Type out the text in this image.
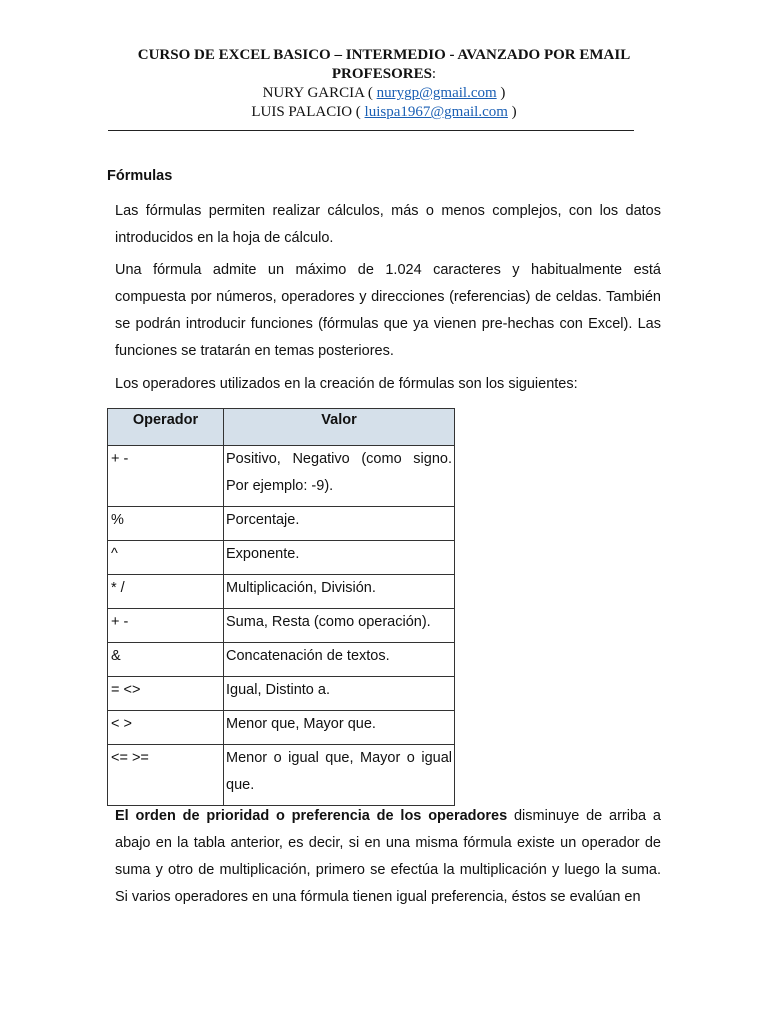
CURSO DE EXCEL BASICO – INTERMEDIO - AVANZADO POR EMAIL
PROFESORES:
NURY GARCIA ( nurygp@gmail.com )
LUIS PALACIO ( luispa1967@gmail.com )
Fórmulas

Las fórmulas permiten realizar cálculos, más o menos complejos, con los datos introducidos en la hoja de cálculo.

Una fórmula admite un máximo de 1.024 caracteres y habitualmente está compuesta por números, operadores y direcciones (referencias) de celdas. También se podrán introducir funciones (fórmulas que ya vienen pre-hechas con Excel). Las funciones se tratarán en temas posteriores.

Los operadores utilizados en la creación de fórmulas son los siguientes:

Operador	Valor
+ -	Positivo, Negativo (como signo. Por ejemplo: -9).
%	Porcentaje.
^	Exponente.
* /	Multiplicación, División.
+ -	Suma, Resta (como operación).
&	Concatenación de textos.
= <>	Igual, Distinto a.
< >	Menor que, Mayor que.
<= >=	Menor o igual que, Mayor o igual que.

El orden de prioridad o preferencia de los operadores disminuye de arriba a abajo en la tabla anterior, es decir, si en una misma fórmula existe un operador de suma y otro de multiplicación, primero se efectúa la multiplicación y luego la suma. Si varios operadores en una fórmula tienen igual preferencia, éstos se evalúan en
